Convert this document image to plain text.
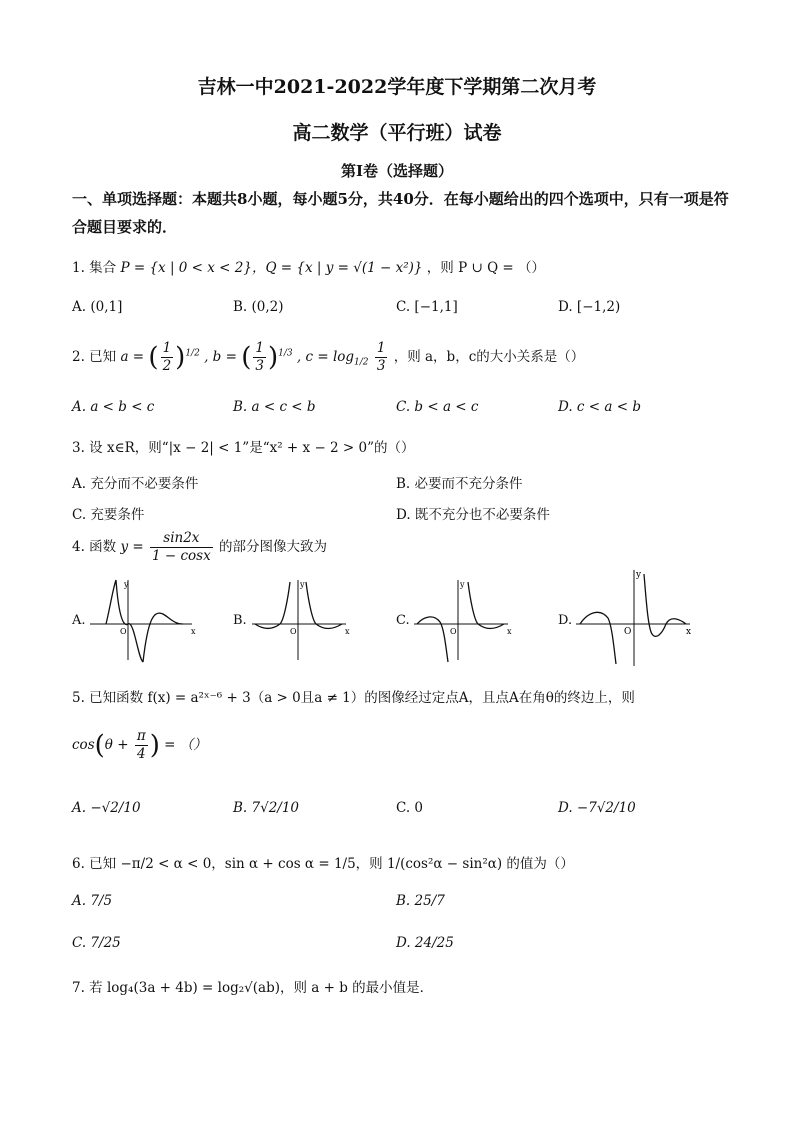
吉林一中2021-2022学年度下学期第二次月考
高二数学（平行班）试卷
第Ⅰ卷（选择题）
一、单项选择题：本题共8小题，每小题5分，共40分．在每小题给出的四个选项中，只有一项是符合题目要求的．
1. 集合 P = {x | 0 < x < 2}，Q = {x | y = √(1 − x²)} ，则 P ∪ Q = （）
A. (0,1]	B. (0,2)	C. [−1,1]	D. [−1,2)
2. 已知 a = ( $\frac{1}{2} )^{1/2}$ , b = ( $\frac{1}{3} )^{1/3}$ , $c = \log_{1/2} \frac{1}{3}$ ，则 a，b，c的大小关系是（）
A. a < b < c	B. a < c < b	C. b < a < c	D. c < a < b
3. 设 x∈R，则“|x − 2| < 1”是“x² + x − 2 > 0”的（）
A. 充分而不必要条件	B. 必要而不充分条件
C. 充要条件	D. 既不充分也不必要条件
4. 函数 $y = \frac{\sin 2x}{1 - \cos x}$ 的部分图像大致为
A.
x
y
O
B.
x
y
O
C.
x
y
O
D.
x
y
O
5. 已知函数 f(x) = a²ˣ⁻⁶ + 3（a > 0且a ≠ 1）的图像经过定点A，且点A在角θ的终边上，则
$\cos(\theta + \frac{\pi}{4}$ ) = （）
A. −√2/10	B. 7√2/10	C. 0	D. −7√2/10
6. 已知 −π/2 < α < 0，sin α + cos α = 1/5，则 1/(cos²α − sin²α) 的值为（）
A. 7/5	B. 25/7
C. 7/25	D. 24/25
7. 若 log₄(3a + 4b) = log₂√(ab)，则 a + b 的最小值是．
